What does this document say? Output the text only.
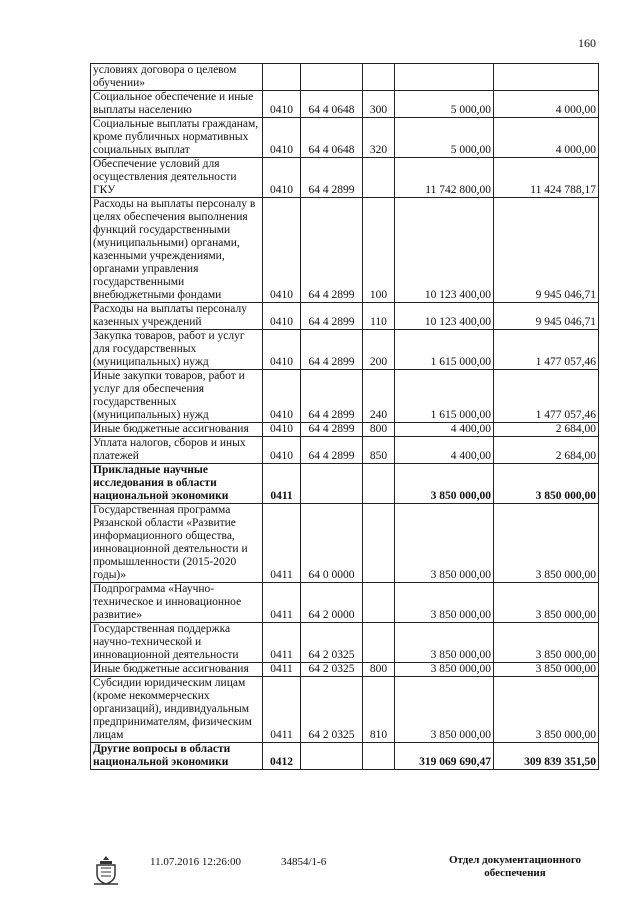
160
условиях договора о целевом обучении»					
Социальное обеспечение и иные выплаты населению	0410	64 4 0648	300	5 000,00	4 000,00
Социальные выплаты гражданам, кроме публичных нормативных социальных выплат	0410	64 4 0648	320	5 000,00	4 000,00
Обеспечение условий для осуществления деятельности ГКУ	0410	64 4 2899		11 742 800,00	11 424 788,17
Расходы на выплаты персоналу в целях обеспечения выполнения функций государственными (муниципальными) органами, казенными учреждениями, органами управления государственными внебюджетными фондами	0410	64 4 2899	100	10 123 400,00	9 945 046,71
Расходы на выплаты персоналу казенных учреждений	0410	64 4 2899	110	10 123 400,00	9 945 046,71
Закупка товаров, работ и услуг для государственных (муниципальных) нужд	0410	64 4 2899	200	1 615 000,00	1 477 057,46
Иные закупки товаров, работ и услуг для обеспечения государственных (муниципальных) нужд	0410	64 4 2899	240	1 615 000,00	1 477 057,46
Иные бюджетные ассигнования	0410	64 4 2899	800	4 400,00	2 684,00
Уплата налогов, сборов и иных платежей	0410	64 4 2899	850	4 400,00	2 684,00
Прикладные научные исследования в области национальной экономики	0411			3 850 000,00	3 850 000,00
Государственная программа Рязанской области «Развитие информационного общества, инновационной деятельности и промышленности (2015-2020 годы)»	0411	64 0 0000		3 850 000,00	3 850 000,00
Подпрограмма «Научно-техническое и инновационное развитие»	0411	64 2 0000		3 850 000,00	3 850 000,00
Государственная поддержка научно-технической и инновационной деятельности	0411	64 2 0325		3 850 000,00	3 850 000,00
Иные бюджетные ассигнования	0411	64 2 0325	800	3 850 000,00	3 850 000,00
Субсидии юридическим лицам (кроме некоммерческих организаций), индивидуальным предпринимателям, физическим лицам	0411	64 2 0325	810	3 850 000,00	3 850 000,00
Другие вопросы в области национальной экономики	0412			319 069 690,47	309 839 351,50
11.07.2016 12:26:00	34854/1-6	Отдел документационного обеспечения
